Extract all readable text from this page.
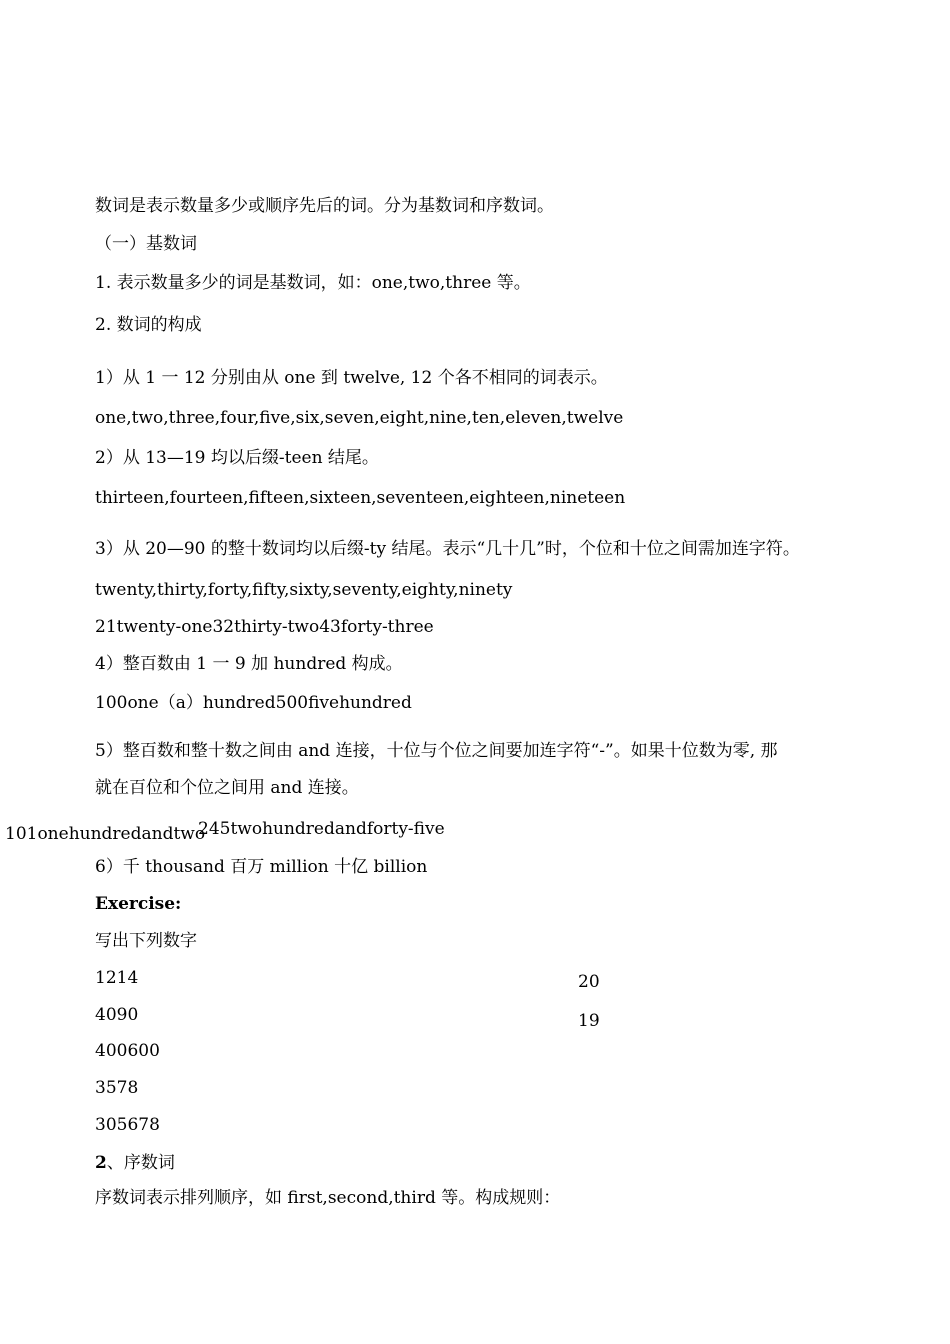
数词是表示数量多少或顺序先后的词。分为基数词和序数词。
（一）基数词
1. 表示数量多少的词是基数词，如：one,two,three 等。
2. 数词的构成
1）从 1 一 12 分别由从 one 到 twelve, 12 个各不相同的词表示。
one,two,three,four,five,six,seven,eight,nine,ten,eleven,twelve
2）从 13—19 均以后缀-teen 结尾。
thirteen,fourteen,fifteen,sixteen,seventeen,eighteen,nineteen
3）从 20—90 的整十数词均以后缀-ty 结尾。表示“几十几”时，个位和十位之间需加连字符。
twenty,thirty,forty,fifty,sixty,seventy,eighty,ninety
21twenty-one32thirty-two43forty-three
4）整百数由 1 一 9 加 hundred 构成。
100one（a）hundred500fivehundred
5）整百数和整十数之间由 and 连接，十位与个位之间要加连字符“-”。如果十位数为零, 那
就在百位和个位之间用 and 连接。
101onehundredandtwo
245twohundredandforty-five
6）千 thousand 百万 million 十亿 billion
Exercise:
写出下列数字
1214
4090
400600
3578
305678
20
19
2、序数词
序数词表示排列顺序，如 first,second,third 等。构成规则：
